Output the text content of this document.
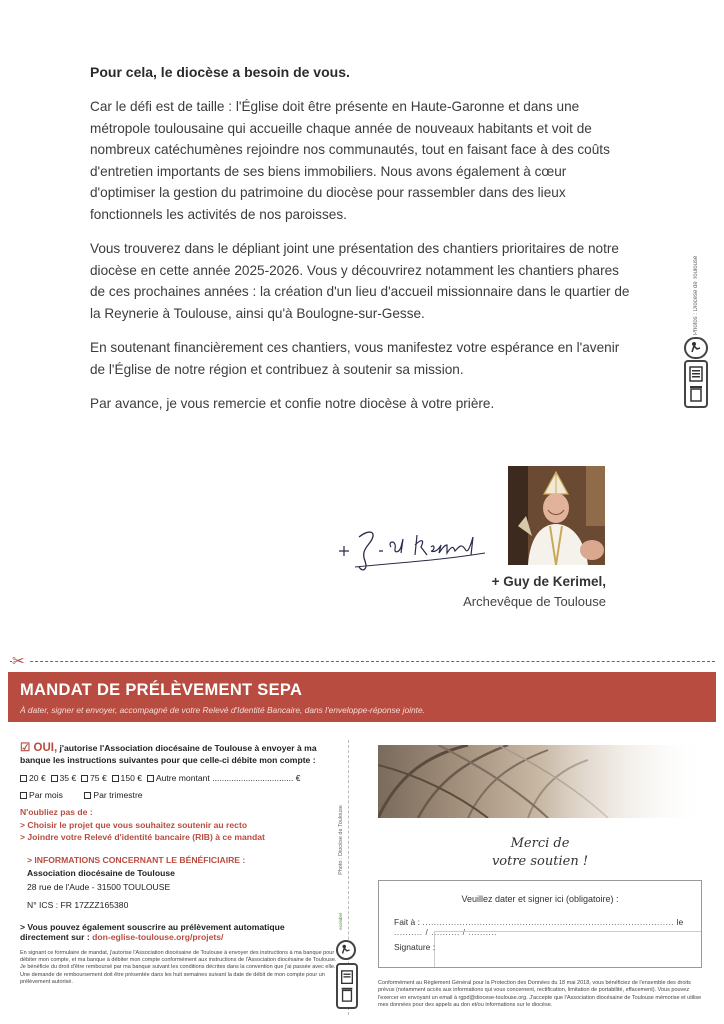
Pour cela, le diocèse a besoin de vous.

Car le défi est de taille : l'Église doit être présente en Haute-Garonne et dans une métropole toulousaine qui accueille chaque année de nouveaux habitants et voit de nombreux catéchumènes rejoindre nos communautés, tout en faisant face à des coûts d'entretien importants de ses biens immobiliers. Nous avons également à cœur d'optimiser la gestion du patrimoine du diocèse pour rassembler dans des lieux fonctionnels les activités de nos paroisses.

Vous trouverez dans le dépliant joint une présentation des chantiers prioritaires de notre diocèse en cette année 2025-2026. Vous y découvrirez notamment les chantiers phares de ces prochaines années : la création d'un lieu d'accueil missionnaire dans le quartier de la Reynerie à Toulouse, ainsi qu'à Boulogne-sur-Gesse.

En soutenant financièrement ces chantiers, vous manifestez votre espérance en l'avenir de l'Église de notre région et contribuez à soutenir sa mission.

Par avance, je vous remercie et confie notre diocèse à votre prière.

Photos : Diocèse de Toulouse
+ Guy de Kerimel,
Archevêque de Toulouse
✂
MANDAT DE PRÉLÈVEMENT SEPA
À dater, signer et envoyer, accompagné de votre Relevé d'Identité Bancaire, dans l'enveloppe-réponse jointe.
☑ OUI, j'autorise l'Association diocésaine de Toulouse à envoyer à ma banque les instructions suivantes pour que celle-ci débite mon compte :
20 € 35 € 75 € 150 € Autre montant .................................. €
Par mois	Par trimestre
N'oubliez pas de :
> Choisir le projet que vous souhaitez soutenir au recto
> Joindre votre Relevé d'identité bancaire (RIB) à ce mandat
> INFORMATIONS CONCERNANT LE BÉNÉFICIAIRE :
Association diocésaine de Toulouse
28 rue de l'Aude - 31500 TOULOUSE
N° ICS : FR 17ZZZ165380
> Vous pouvez également souscrire au prélèvement automatique directement sur : don-eglise-toulouse.org/projets/
En signant ce formulaire de mandat, j'autorise l'Association diocésaine de Toulouse à envoyer des instructions à ma banque pour débiter mon compte, et ma banque à débiter mon compte conformément aux instructions de l'Association diocésaine de Toulouse. Je bénéficie du droit d'être remboursé par ma banque suivant les conditions décrites dans la convention que j'ai passée avec elle. Une demande de remboursement doit être présentée dans les huit semaines suivant la date de débit de mon compte pour un prélèvement autorisé.
Photo : Diocèse de Toulouse
ecolabel
Merci de
votre soutien !
Veuillez dater et signer ici (obligatoire) :
Fait à : ........................................................................................ le .......... / .......... / ..........
Signature :
Conformément au Règlement Général pour la Protection des Données du 18 mai 2018, vous bénéficiez de l'ensemble des droits prévus (notamment accès aux informations qui vous concernent, rectification, limitation de portabilité, effacement). Vous pouvez l'exercer en envoyant un email à rgpd@diocese-toulouse.org. J'accepte que l'Association diocésaine de Toulouse mémorise et utilise mes données pour des appels au don et/ou informations sur le diocèse.
